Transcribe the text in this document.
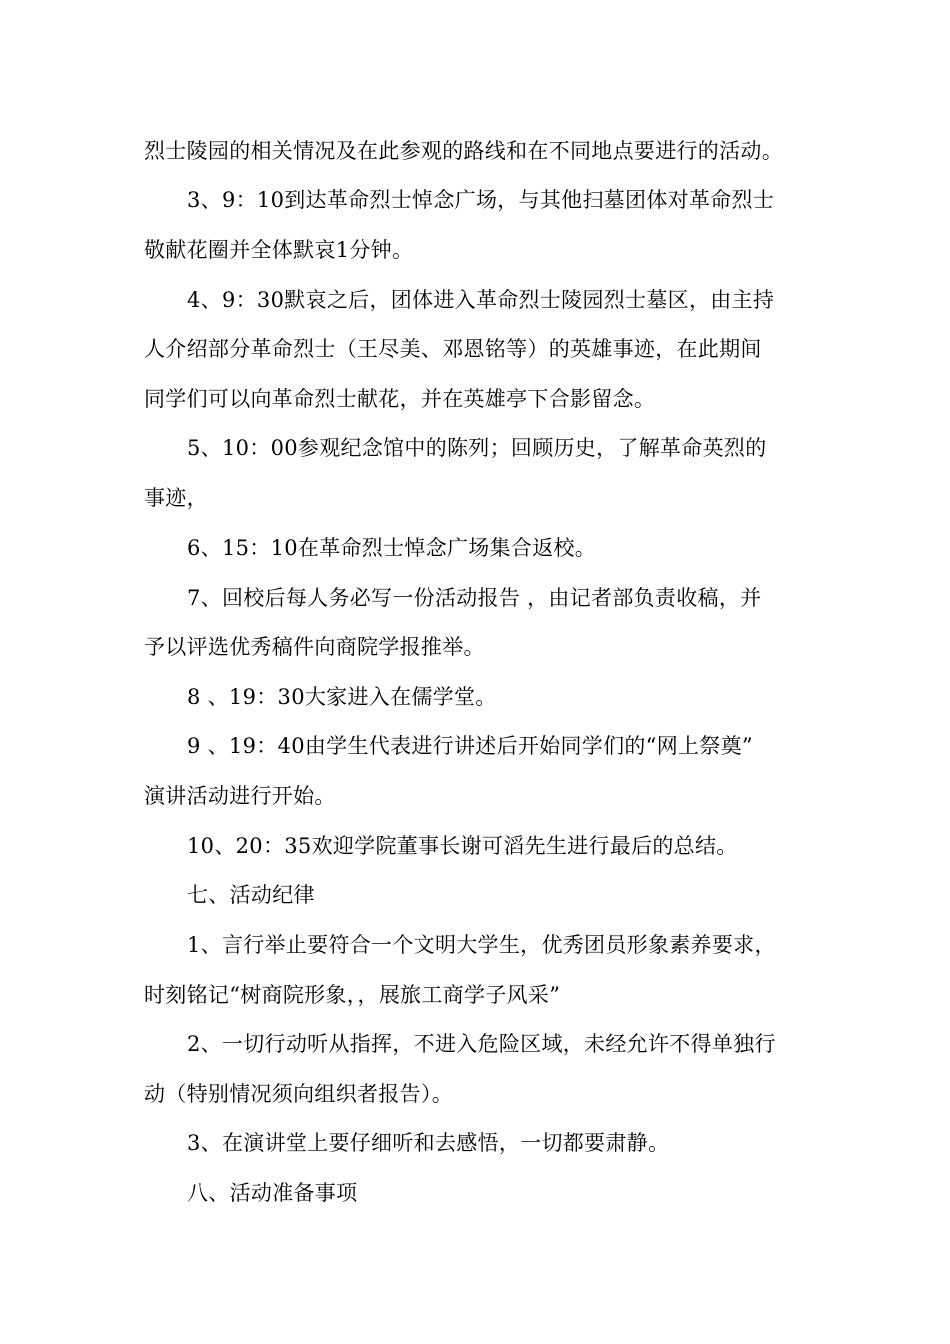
烈士陵园的相关情况及在此参观的路线和在不同地点要进行的活动。
3、9：10到达革命烈士悼念广场，与其他扫墓团体对革命烈士
敬献花圈并全体默哀1分钟。
4、9：30默哀之后，团体进入革命烈士陵园烈士墓区，由主持
人介绍部分革命烈士（王尽美、邓恩铭等）的英雄事迹，在此期间
同学们可以向革命烈士献花，并在英雄亭下合影留念。
5、10：00参观纪念馆中的陈列；回顾历史，了解革命英烈的
事迹，
6、15：10在革命烈士悼念广场集合返校。
7、回校后每人务必写一份活动报告 ，由记者部负责收稿，并
予以评选优秀稿件向商院学报推举。
8 、19：30大家进入在儒学堂。
9 、19：40由学生代表进行讲述后开始同学们的“网上祭奠”
演讲活动进行开始。
10、20：35欢迎学院董事长谢可滔先生进行最后的总结。
七、活动纪律
1、言行举止要符合一个文明大学生，优秀团员形象素养要求，
时刻铭记“树商院形象，，展旅工商学子风采”
2、一切行动听从指挥，不进入危险区域，未经允许不得单独行
动（特别情况须向组织者报告）。
3、在演讲堂上要仔细听和去感悟，一切都要肃静。
八、活动准备事项
